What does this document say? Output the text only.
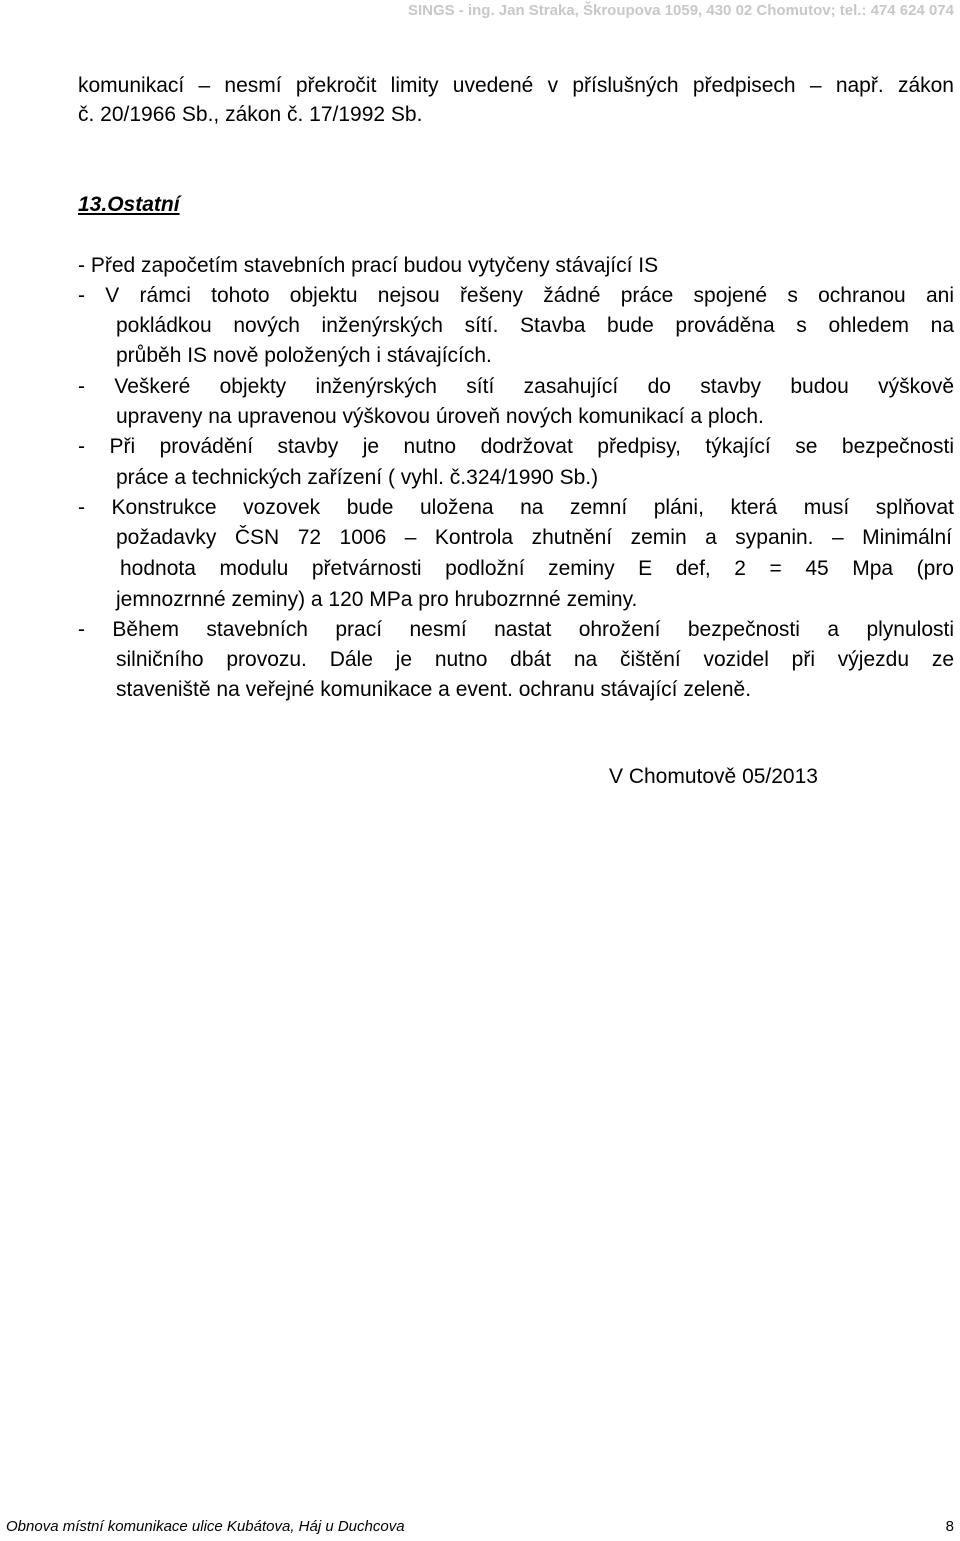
SINGS - ing. Jan Straka, Škroupova 1059, 430 02 Chomutov; tel.: 474 624 074
komunikací – nesmí překročit limity uvedené v příslušných předpisech – např. zákon
č. 20/1966 Sb., zákon č. 17/1992 Sb.
13.Ostatní
- Před započetím stavebních prací budou vytyčeny stávající IS
- V rámci tohoto objektu nejsou řešeny žádné práce spojené s ochranou ani
pokládkou nových inženýrských sítí. Stavba bude prováděna s ohledem na
průběh IS nově položených i stávajících.
- Veškeré objekty inženýrských sítí zasahující do stavby budou výškově
upraveny na upravenou výškovou úroveň nových komunikací a ploch.
- Při provádění stavby je nutno dodržovat předpisy, týkající se bezpečnosti
práce a technických zařízení ( vyhl. č.324/1990 Sb.)
- Konstrukce vozovek bude uložena na zemní pláni, která musí splňovat
požadavky ČSN 72 1006 – Kontrola zhutnění zemin a sypanin. – Minimální
hodnota modulu přetvárnosti podložní zeminy E def, 2 = 45 Mpa (pro
jemnozrnné zeminy) a 120 MPa pro hrubozrnné zeminy.
- Během stavebních prací nesmí nastat ohrožení bezpečnosti a plynulosti
silničního provozu. Dále je nutno dbát na čištění vozidel při výjezdu ze
staveniště na veřejné komunikace a event. ochranu stávající zeleně.
V Chomutově 05/2013
Obnova místní komunikace ulice Kubátova, Háj u Duchcova	8
